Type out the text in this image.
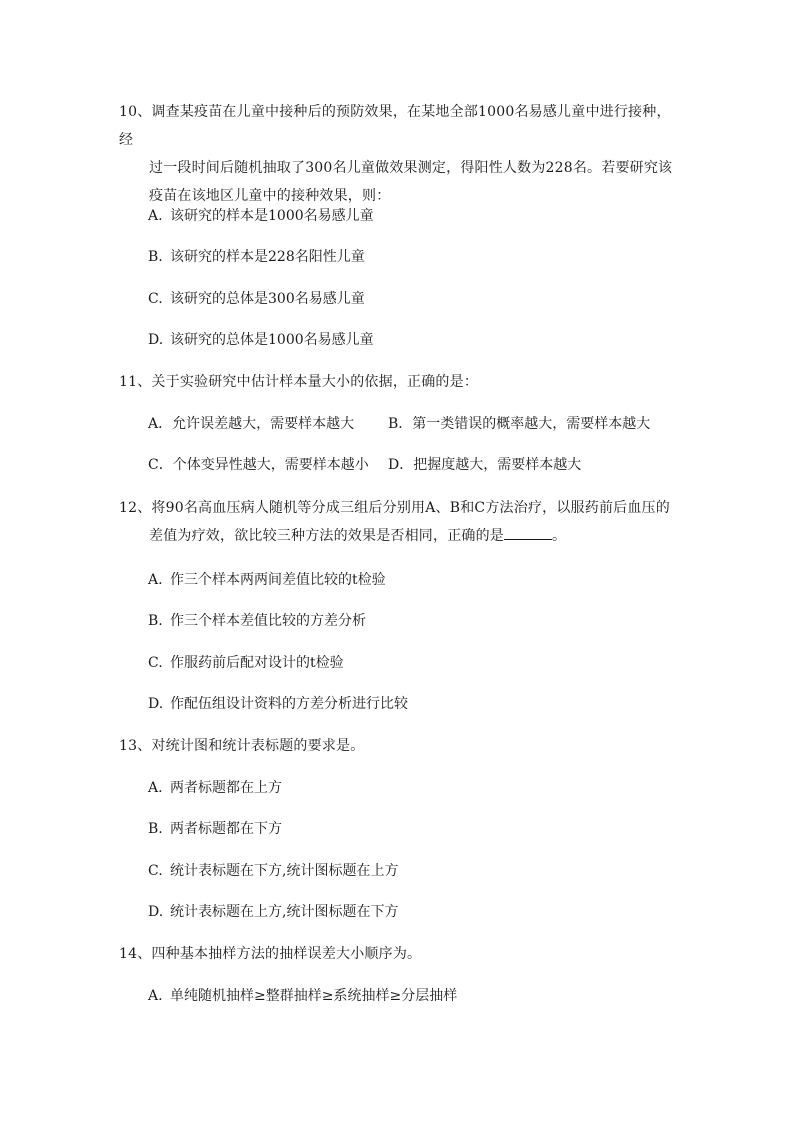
10、调查某疫苗在儿童中接种后的预防效果，在某地全部1000名易感儿童中进行接种，经
过一段时间后随机抽取了300名儿童做效果测定，得阳性人数为228名。若要研究该
疫苗在该地区儿童中的接种效果，则：
A. 该研究的样本是1000名易感儿童
B. 该研究的样本是228名阳性儿童
C. 该研究的总体是300名易感儿童
D. 该研究的总体是1000名易感儿童
11、关于实验研究中估计样本量大小的依据，正确的是：
A．允许误差越大，需要样本越大 B．第一类错误的概率越大，需要样本越大
C．个体变异性越大，需要样本越小 D．把握度越大，需要样本越大
12、将90名高血压病人随机等分成三组后分别用A、B和C方法治疗，以服药前后血压的
差值为疗效，欲比较三种方法的效果是否相同，正确的是	。
A. 作三个样本两两间差值比较的t检验
B. 作三个样本差值比较的方差分析
C. 作服药前后配对设计的t检验
D. 作配伍组设计资料的方差分析进行比较
13、对统计图和统计表标题的要求是。
A. 两者标题都在上方
B. 两者标题都在下方
C. 统计表标题在下方,统计图标题在上方
D. 统计表标题在上方,统计图标题在下方
14、四种基本抽样方法的抽样误差大小顺序为。
A. 单纯随机抽样≥整群抽样≥系统抽样≥分层抽样
